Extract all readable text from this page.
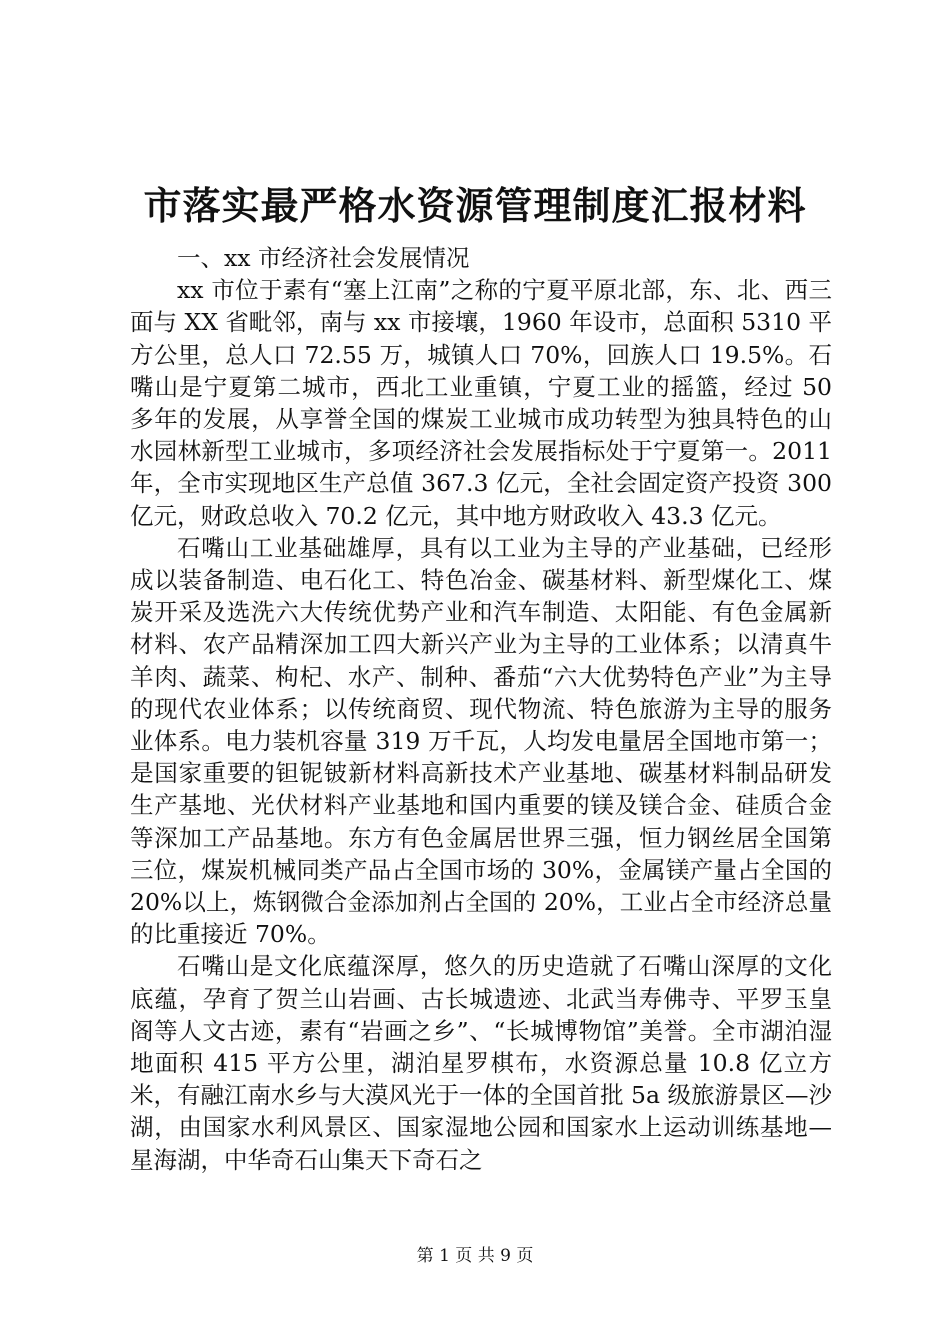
市落实最严格水资源管理制度汇报材料

一、xx 市经济社会发展情况

xx 市位于素有“塞上江南”之称的宁夏平原北部，东、北、西三面与 XX 省毗邻，南与 xx 市接壤，1960 年设市，总面积 5310 平方公里，总人口 72.55 万，城镇人口 70%，回族人口 19.5%。石嘴山是宁夏第二城市，西北工业重镇，宁夏工业的摇篮，经过 50 多年的发展，从享誉全国的煤炭工业城市成功转型为独具特色的山水园林新型工业城市，多项经济社会发展指标处于宁夏第一。2011 年，全市实现地区生产总值 367.3 亿元，全社会固定资产投资 300 亿元，财政总收入 70.2 亿元，其中地方财政收入 43.3 亿元。

石嘴山工业基础雄厚，具有以工业为主导的产业基础，已经形成以装备制造、电石化工、特色冶金、碳基材料、新型煤化工、煤炭开采及选洗六大传统优势产业和汽车制造、太阳能、有色金属新材料、农产品精深加工四大新兴产业为主导的工业体系；以清真牛羊肉、蔬菜、枸杞、水产、制种、番茄“六大优势特色产业”为主导的现代农业体系；以传统商贸、现代物流、特色旅游为主导的服务业体系。电力装机容量 319 万千瓦，人均发电量居全国地市第一；是国家重要的钽铌铍新材料高新技术产业基地、碳基材料制品研发生产基地、光伏材料产业基地和国内重要的镁及镁合金、硅质合金等深加工产品基地。东方有色金属居世界三强，恒力钢丝居全国第三位，煤炭机械同类产品占全国市场的 30%，金属镁产量占全国的 20%以上，炼钢微合金添加剂占全国的 20%，工业占全市经济总量的比重接近 70%。

石嘴山是文化底蕴深厚，悠久的历史造就了石嘴山深厚的文化底蕴，孕育了贺兰山岩画、古长城遗迹、北武当寿佛寺、平罗玉皇阁等人文古迹，素有“岩画之乡”、“长城博物馆”美誉。全市湖泊湿地面积 415 平方公里，湖泊星罗棋布，水资源总量 10.8 亿立方米，有融江南水乡与大漠风光于一体的全国首批 5a 级旅游景区—沙湖，由国家水利风景区、国家湿地公园和国家水上运动训练基地—星海湖，中华奇石山集天下奇石之

第 1 页 共 9 页
